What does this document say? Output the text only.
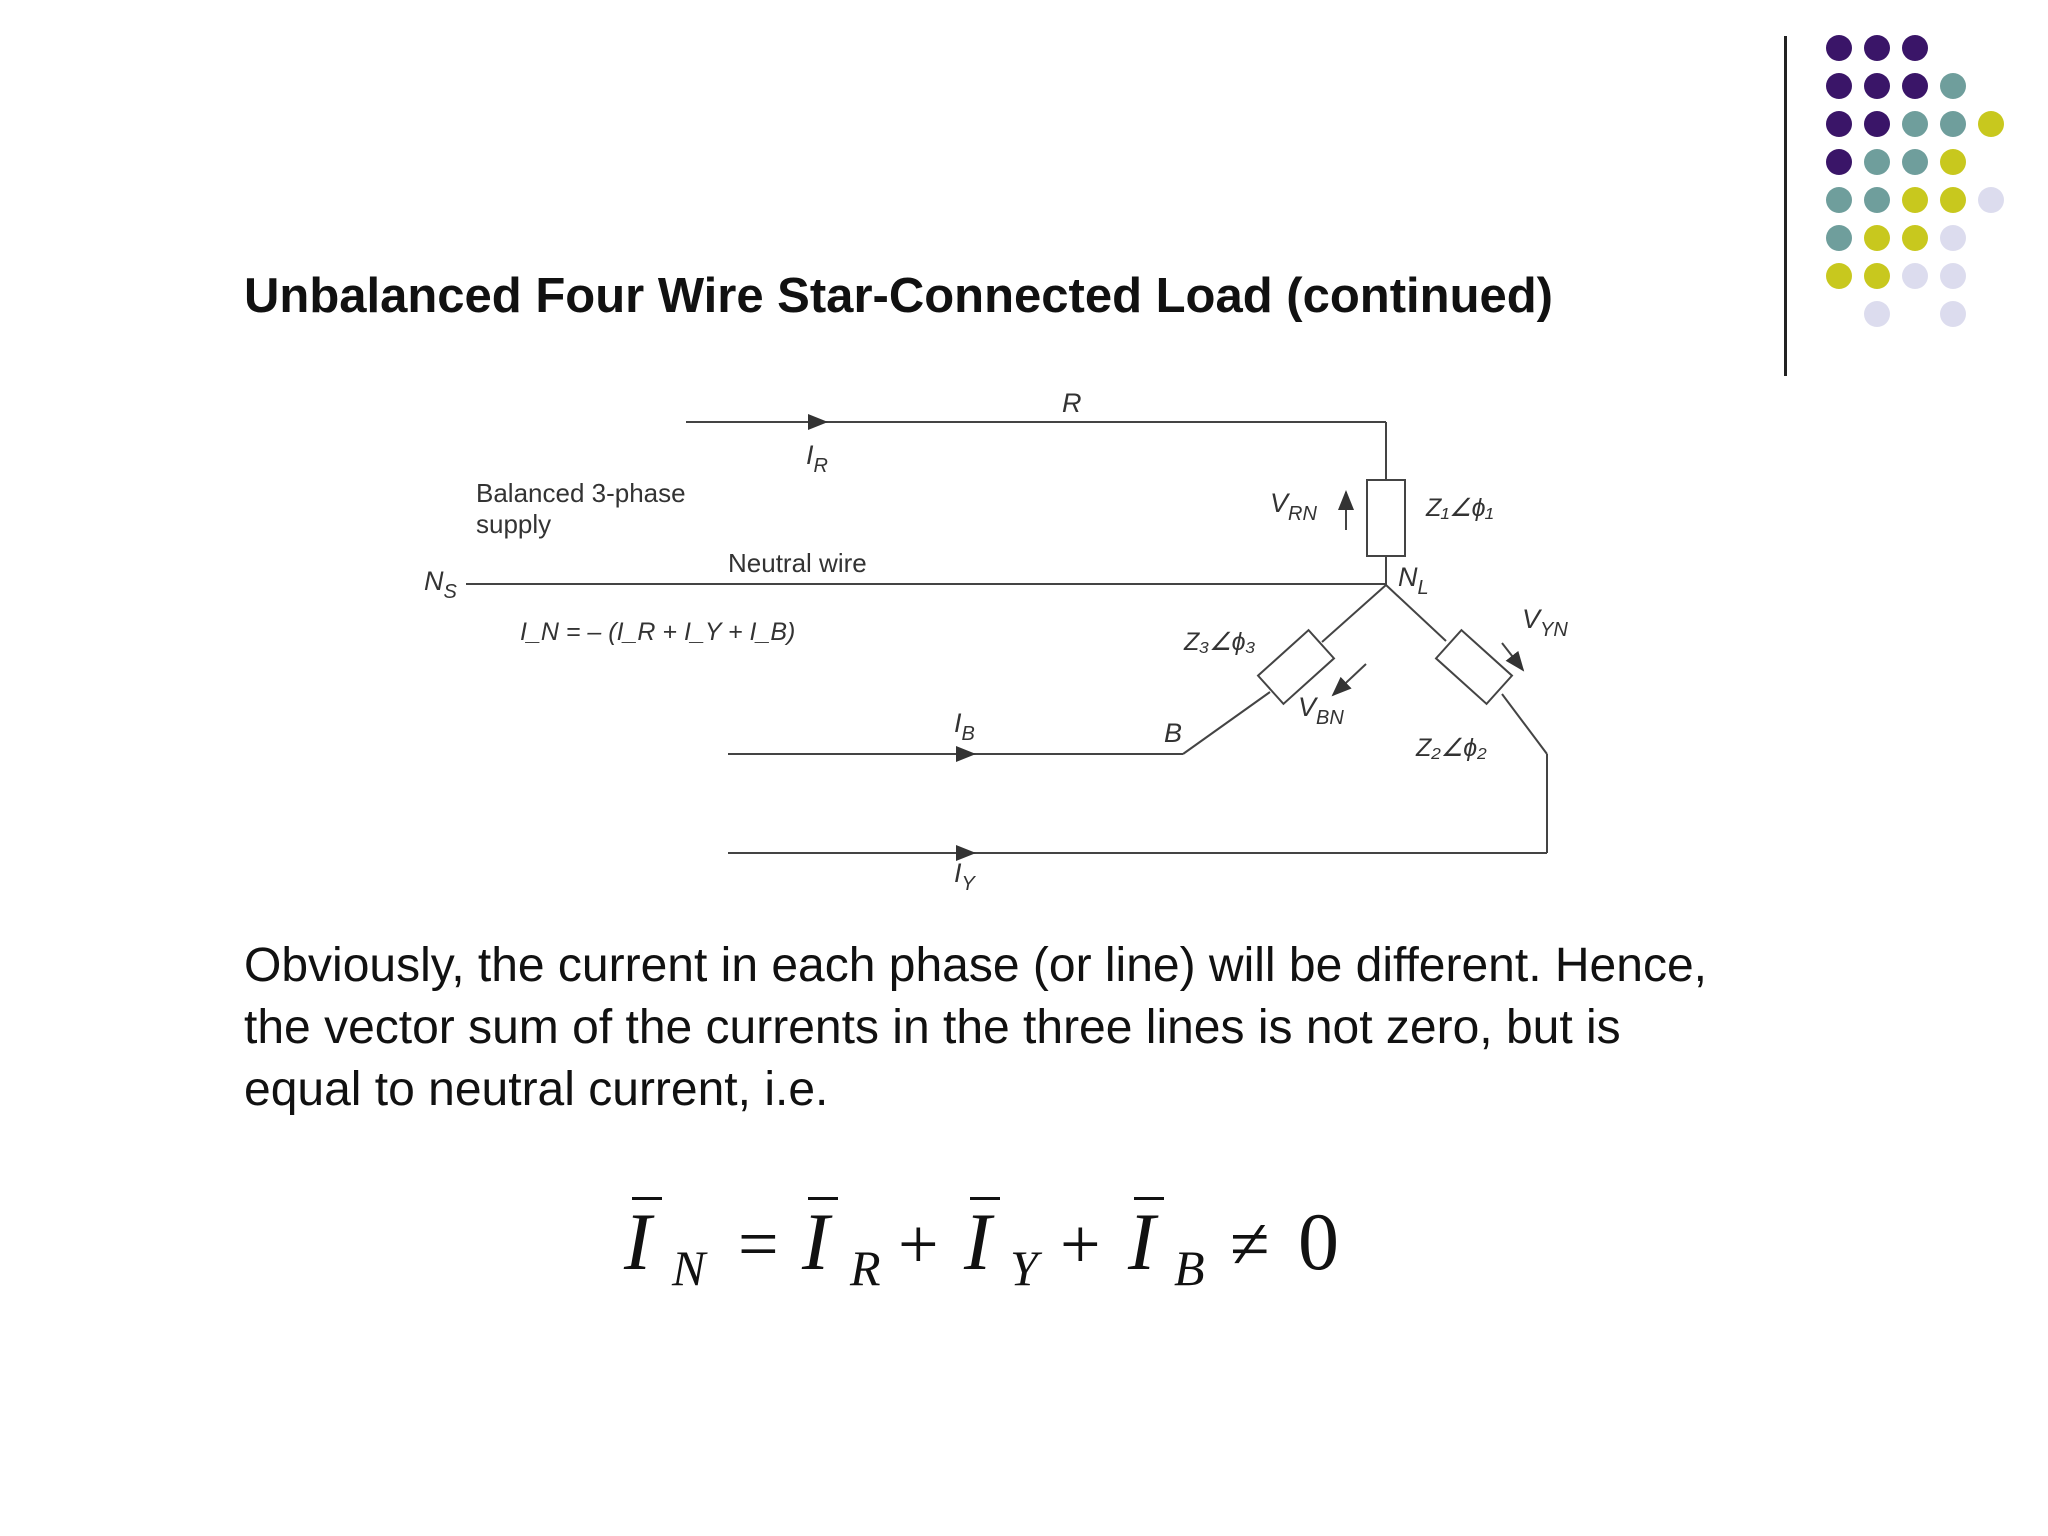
Unbalanced Four Wire Star-Connected Load (continued)
R
$I_R$
Balanced 3-phase
supply
Neutral wire
$N_S$
I_N = – (I_R + I_Y + I_B)
$V_{RN}$	Z₁∠ϕ₁
$N_L$
$V_{YN}$
Z₃∠ϕ₃
$V_{BN}$
$I_B$	B	Z₂∠ϕ₂
$I_Y$
Obviously, the current in each phase (or line) will be different. Hence,
the vector sum of the currents in the three lines is not zero, but is
equal to neutral current, i.e.
I N = I R + I Y + I B ≠ 0
